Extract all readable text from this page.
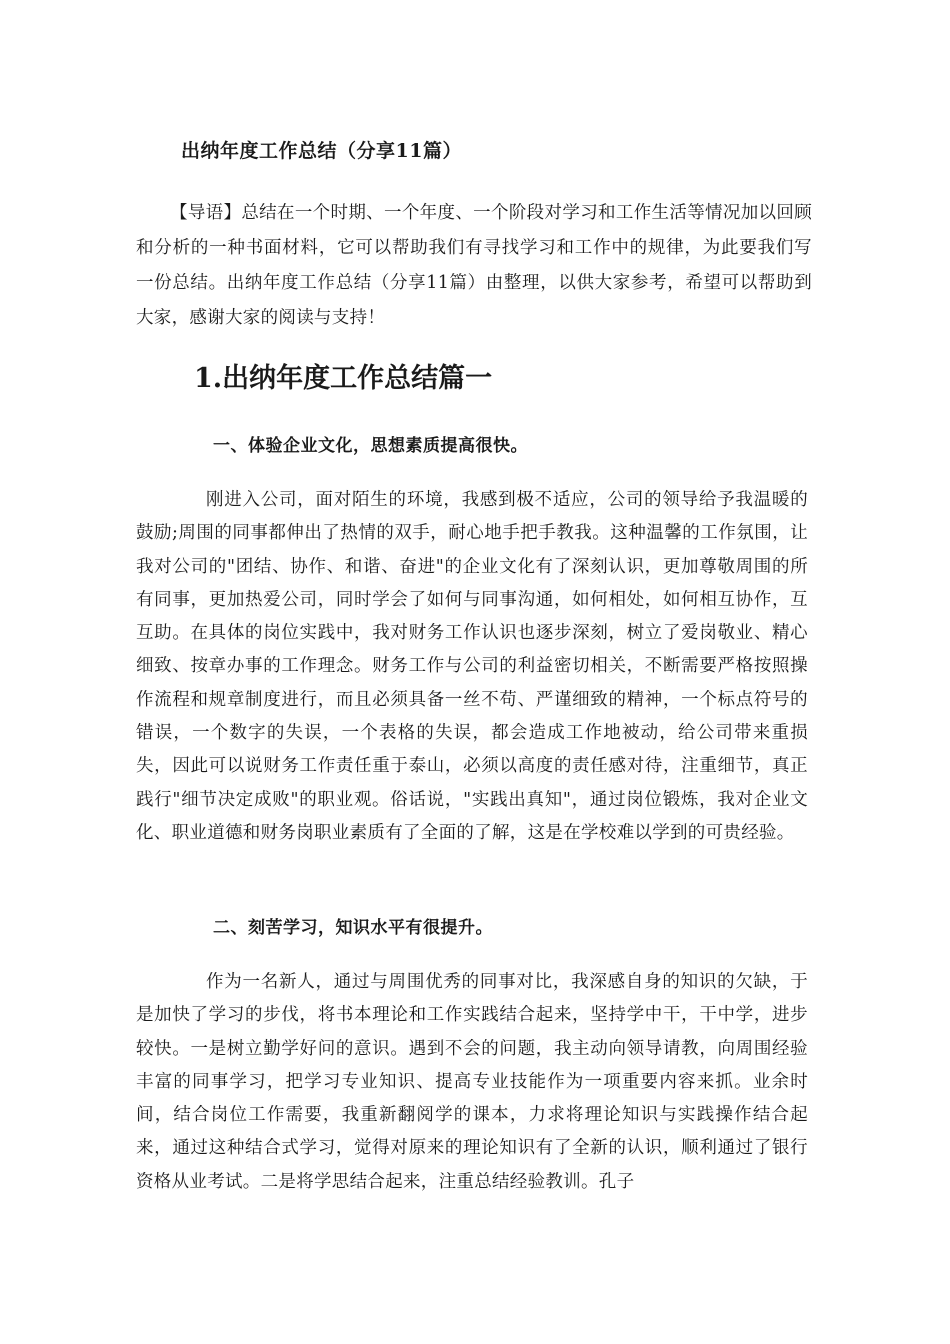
出纳年度工作总结（分享11篇）

【导语】总结在一个时期、一个年度、一个阶段对学习和工作生活等情况加以回顾和分析的一种书面材料，它可以帮助我们有寻找学习和工作中的规律，为此要我们写一份总结。出纳年度工作总结（分享11篇）由整理，以供大家参考，希望可以帮助到大家，感谢大家的阅读与支持！

1.出纳年度工作总结篇一
一、体验企业文化，思想素质提高很快。

刚进入公司，面对陌生的环境，我感到极不适应，公司的领导给予我温暖的鼓励;周围的同事都伸出了热情的双手，耐心地手把手教我。这种温馨的工作氛围，让我对公司的"团结、协作、和谐、奋进"的企业文化有了深刻认识，更加尊敬周围的所有同事，更加热爱公司，同时学会了如何与同事沟通，如何相处，如何相互协作，互互助。在具体的岗位实践中，我对财务工作认识也逐步深刻，树立了爱岗敬业、精心细致、按章办事的工作理念。财务工作与公司的利益密切相关，不断需要严格按照操作流程和规章制度进行，而且必须具备一丝不苟、严谨细致的精神，一个标点符号的错误，一个数字的失误，一个表格的失误，都会造成工作地被动，给公司带来重损失，因此可以说财务工作责任重于泰山，必须以高度的责任感对待，注重细节，真正践行"细节决定成败"的职业观。俗话说，"实践出真知"，通过岗位锻炼，我对企业文化、职业道德和财务岗职业素质有了全面的了解，这是在学校难以学到的可贵经验。

二、刻苦学习，知识水平有很提升。

作为一名新人，通过与周围优秀的同事对比，我深感自身的知识的欠缺，于是加快了学习的步伐，将书本理论和工作实践结合起来，坚持学中干，干中学，进步较快。一是树立勤学好问的意识。遇到不会的问题，我主动向领导请教，向周围经验丰富的同事学习，把学习专业知识、提高专业技能作为一项重要内容来抓。业余时间，结合岗位工作需要，我重新翻阅学的课本，力求将理论知识与实践操作结合起来，通过这种结合式学习，觉得对原来的理论知识有了全新的认识，顺利通过了银行资格从业考试。二是将学思结合起来，注重总结经验教训。孔子
